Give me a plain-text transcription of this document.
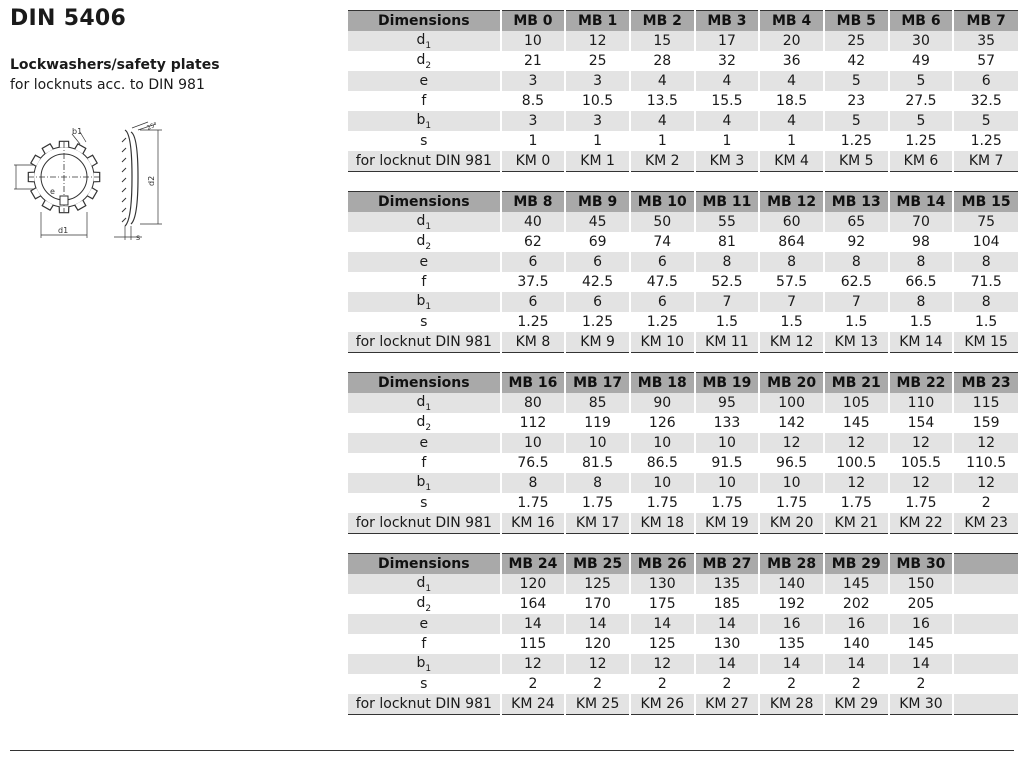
DIN 5406
Lockwashers/safety plates
for locknuts acc. to DIN 981
b1
d1
e
d2
s
25°
Dimensions	MB 0	MB 1	MB 2	MB 3	MB 4	MB 5	MB 6	MB 7
$d_1$	10	12	15	17	20	25	30	35
$d_2$	21	25	28	32	36	42	49	57
e	3	3	4	4	4	5	5	6
f	8.5	10.5	13.5	15.5	18.5	23	27.5	32.5
$b_1$	3	3	4	4	4	5	5	5
s	1	1	1	1	1	1.25	1.25	1.25
for locknut DIN 981	KM 0	KM 1	KM 2	KM 3	KM 4	KM 5	KM 6	KM 7
Dimensions	MB 8	MB 9	MB 10	MB 11	MB 12	MB 13	MB 14	MB 15
$d_1$	40	45	50	55	60	65	70	75
$d_2$	62	69	74	81	864	92	98	104
e	6	6	6	8	8	8	8	8
f	37.5	42.5	47.5	52.5	57.5	62.5	66.5	71.5
$b_1$	6	6	6	7	7	7	8	8
s	1.25	1.25	1.25	1.5	1.5	1.5	1.5	1.5
for locknut DIN 981	KM 8	KM 9	KM 10	KM 11	KM 12	KM 13	KM 14	KM 15
Dimensions	MB 16	MB 17	MB 18	MB 19	MB 20	MB 21	MB 22	MB 23
$d_1$	80	85	90	95	100	105	110	115
$d_2$	112	119	126	133	142	145	154	159
e	10	10	10	10	12	12	12	12
f	76.5	81.5	86.5	91.5	96.5	100.5	105.5	110.5
$b_1$	8	8	10	10	10	12	12	12
s	1.75	1.75	1.75	1.75	1.75	1.75	1.75	2
for locknut DIN 981	KM 16	KM 17	KM 18	KM 19	KM 20	KM 21	KM 22	KM 23
Dimensions	MB 24	MB 25	MB 26	MB 27	MB 28	MB 29	MB 30	
$d_1$	120	125	130	135	140	145	150	
$d_2$	164	170	175	185	192	202	205	
e	14	14	14	14	16	16	16	
f	115	120	125	130	135	140	145	
$b_1$	12	12	12	14	14	14	14	
s	2	2	2	2	2	2	2	
for locknut DIN 981	KM 24	KM 25	KM 26	KM 27	KM 28	KM 29	KM 30	
